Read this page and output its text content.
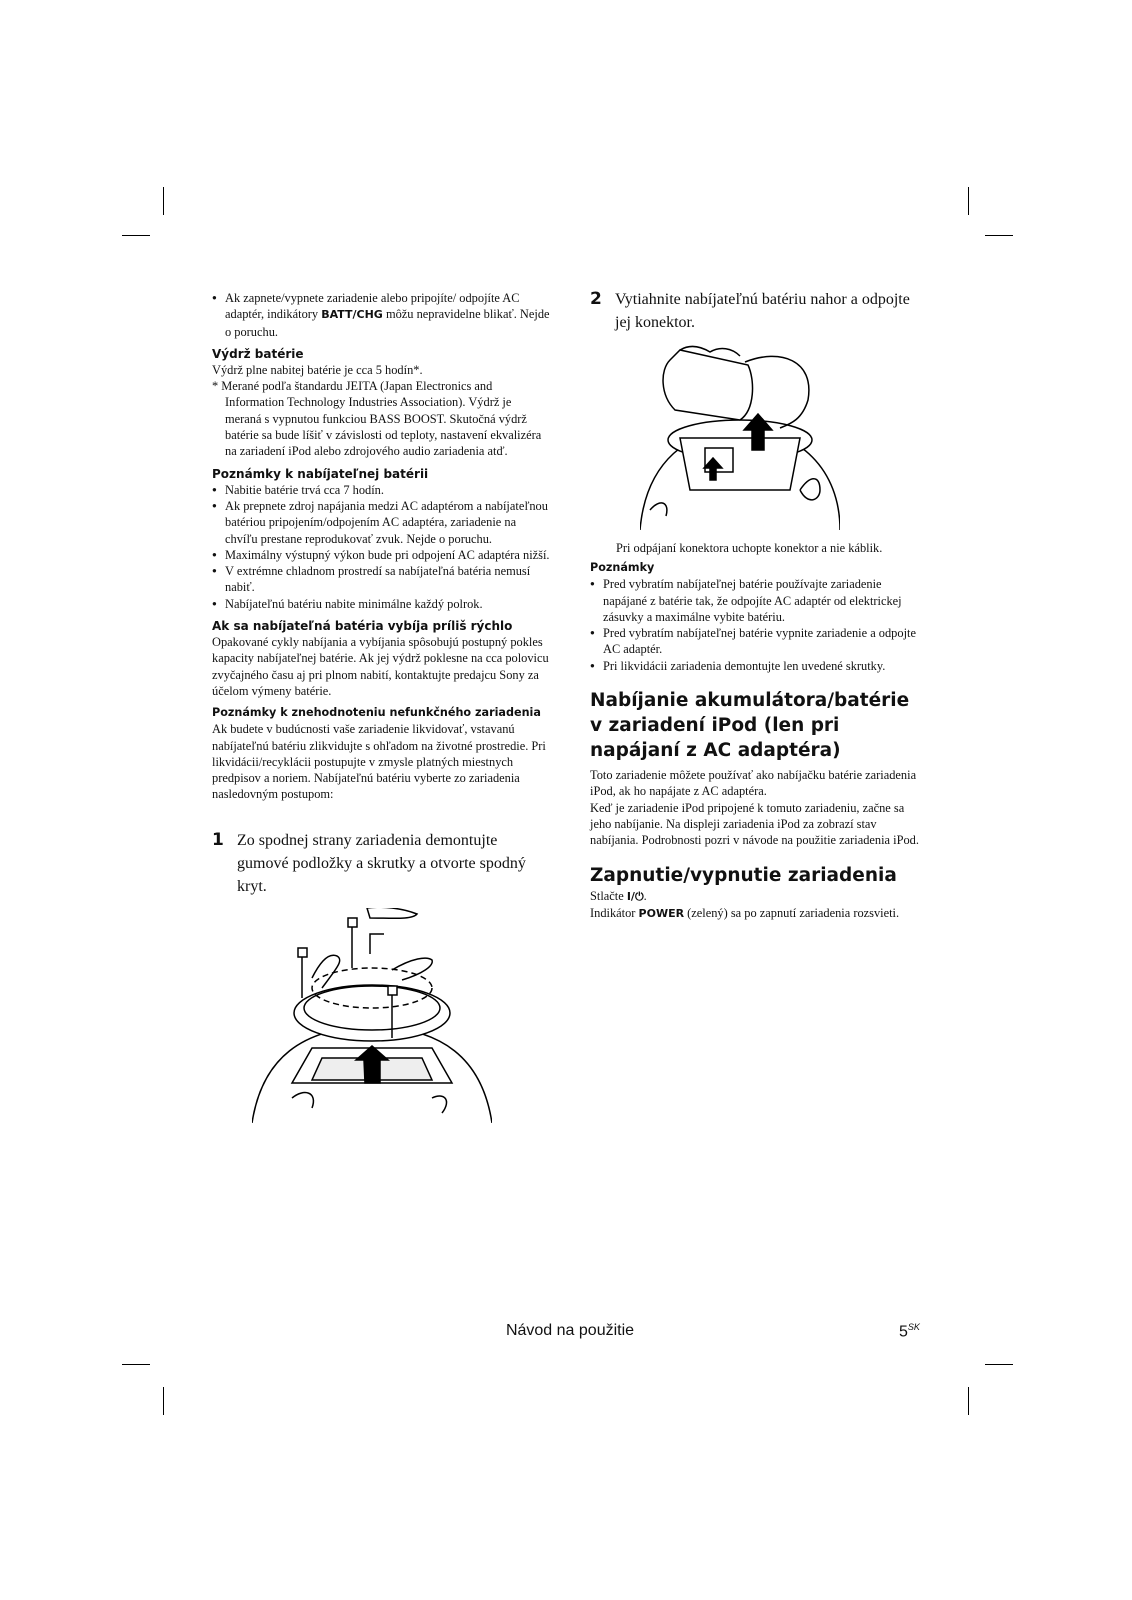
● Ak zapnete/vypnete zariadenie alebo pripojíte/ odpojíte AC adaptér, indikátory BATT/CHG môžu nepravidelne blikať. Nejde o poruchu.

Výdrž batérie

Výdrž plne nabitej batérie je cca 5 hodín*.

* Merané podľa štandardu JEITA (Japan Electronics and Information Technology Industries Association). Výdrž je meraná s vypnutou funkciou BASS BOOST. Skutočná výdrž batérie sa bude líšiť v závislosti od teploty, nastavení ekvalizéra na zariadení iPod alebo zdrojového audio zariadenia atď.

Poznámky k nabíjateľnej batérii

● Nabitie batérie trvá cca 7 hodín.

● Ak prepnete zdroj napájania medzi AC adaptérom a nabíjateľnou batériou pripojením/odpojením AC adaptéra, zariadenie na chvíľu prestane reprodukovať zvuk. Nejde o poruchu.

● Maximálny výstupný výkon bude pri odpojení AC adaptéra nižší.

● V extrémne chladnom prostredí sa nabíjateľná batéria nemusí nabiť.

● Nabíjateľnú batériu nabite minimálne každý polrok.

Ak sa nabíjateľná batéria vybíja príliš rýchlo

Opakované cykly nabíjania a vybíjania spôsobujú postupný pokles kapacity nabíjateľnej batérie. Ak jej výdrž poklesne na cca polovicu zvyčajného času aj pri plnom nabití, kontaktujte predajcu Sony za účelom výmeny batérie.

Poznámky k znehodnoteniu nefunkčného zariadenia

Ak budete v budúcnosti vaše zariadenie likvidovať, vstavanú nabíjateľnú batériu zlikvidujte s ohľadom na životné prostredie. Pri likvidácii/recyklácii postupujte v zmysle platných miestnych predpisov a noriem. Nabíjateľnú batériu vyberte zo zariadenia nasledovným postupom:

1 Zo spodnej strany zariadenia demontujte gumové podložky a skrutky a otvorte spodný kryt.
2 Vytiahnite nabíjateľnú batériu nahor a odpojte jej konektor.

Pri odpájaní konektora uchopte konektor a nie káblik.

Poznámky

● Pred vybratím nabíjateľnej batérie používajte zariadenie napájané z batérie tak, že odpojíte AC adaptér od elektrickej zásuvky a maximálne vybite batériu.

● Pred vybratím nabíjateľnej batérie vypnite zariadenie a odpojte AC adaptér.

● Pri likvidácii zariadenia demontujte len uvedené skrutky.

Nabíjanie akumulátora/batérie v zariadení iPod (len pri napájaní z AC adaptéra)

Toto zariadenie môžete používať ako nabíjačku batérie zariadenia iPod, ak ho napájate z AC adaptéra.

Keď je zariadenie iPod pripojené k tomuto zariadeniu, začne sa jeho nabíjanie. Na displeji zariadenia iPod za zobrazí stav nabíjania. Podrobnosti pozri v návode na použitie zariadenia iPod.

Zapnutie/vypnutie zariadenia

Stlačte I/⏻.

Indikátor POWER (zelený) sa po zapnutí zariadenia rozsvieti.

Návod na použitie	$5^{SK}$
